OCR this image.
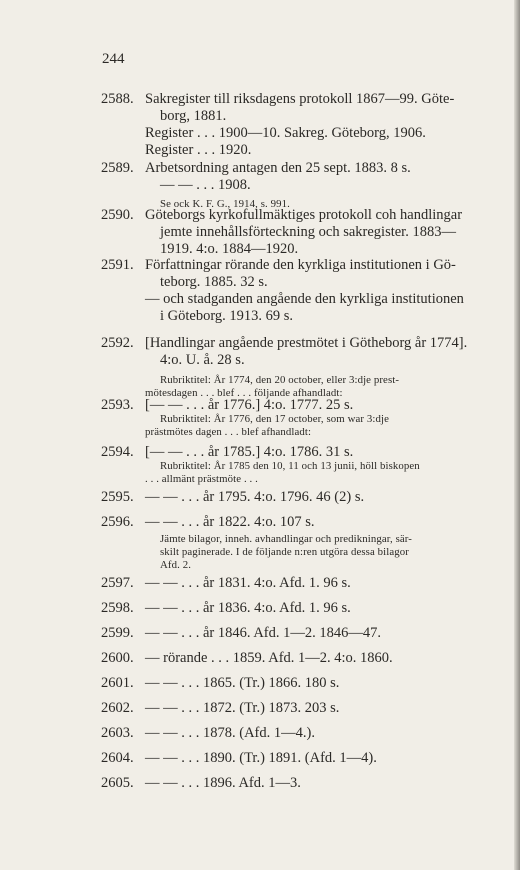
244
2588. Sakregister till riksdagens protokoll 1867—99. Göte-
borg, 1881.
Register . . . 1900—10. Sakreg. Göteborg, 1906.
Register . . . 1920.
2589. Arbetsordning antagen den 25 sept. 1883. 8 s.
— — . . . 1908.
Se ock K. F. G., 1914, s. 991.
2590. Göteborgs kyrkofullmäktiges protokoll coh handlingar
jemte innehållsförteckning och sakregister. 1883—
1919. 4:o. 1884—1920.
2591. Författningar rörande den kyrkliga institutionen i Gö-
teborg. 1885. 32 s.
— och stadganden angående den kyrkliga institutionen
i Göteborg. 1913. 69 s.
2592. [Handlingar angående prestmötet i Götheborg år 1774].
4:o. U. å. 28 s.
Rubriktitel: År 1774, den 20 october, eller 3:dje prest-
mötesdagen . . . blef . . . följande afhandladt:
2593. [— — . . . år 1776.] 4:o. 1777. 25 s.
Rubriktitel: År 1776, den 17 october, som war 3:dje
prästmötes dagen . . . blef afhandladt:
2594. [— — . . . år 1785.] 4:o. 1786. 31 s.
Rubriktitel: År 1785 den 10, 11 och 13 junii, höll biskopen
. . . allmänt prästmöte . . .
2595. — — . . . år 1795. 4:o. 1796. 46 (2) s.
2596. — — . . . år 1822. 4:o. 107 s.
Jämte bilagor, inneh. avhandlingar och predikningar, sär-
skilt paginerade. I de följande n:ren utgöra dessa bilagor
Afd. 2.
2597. — — . . . år 1831. 4:o. Afd. 1. 96 s.
2598. — — . . . år 1836. 4:o. Afd. 1. 96 s.
2599. — — . . . år 1846. Afd. 1—2. 1846—47.
2600. — rörande . . . 1859. Afd. 1—2. 4:o. 1860.
2601. — — . . . 1865. (Tr.) 1866. 180 s.
2602. — — . . . 1872. (Tr.) 1873. 203 s.
2603. — — . . . 1878. (Afd. 1—4.).
2604. — — . . . 1890. (Tr.) 1891. (Afd. 1—4).
2605. — — . . . 1896. Afd. 1—3.
